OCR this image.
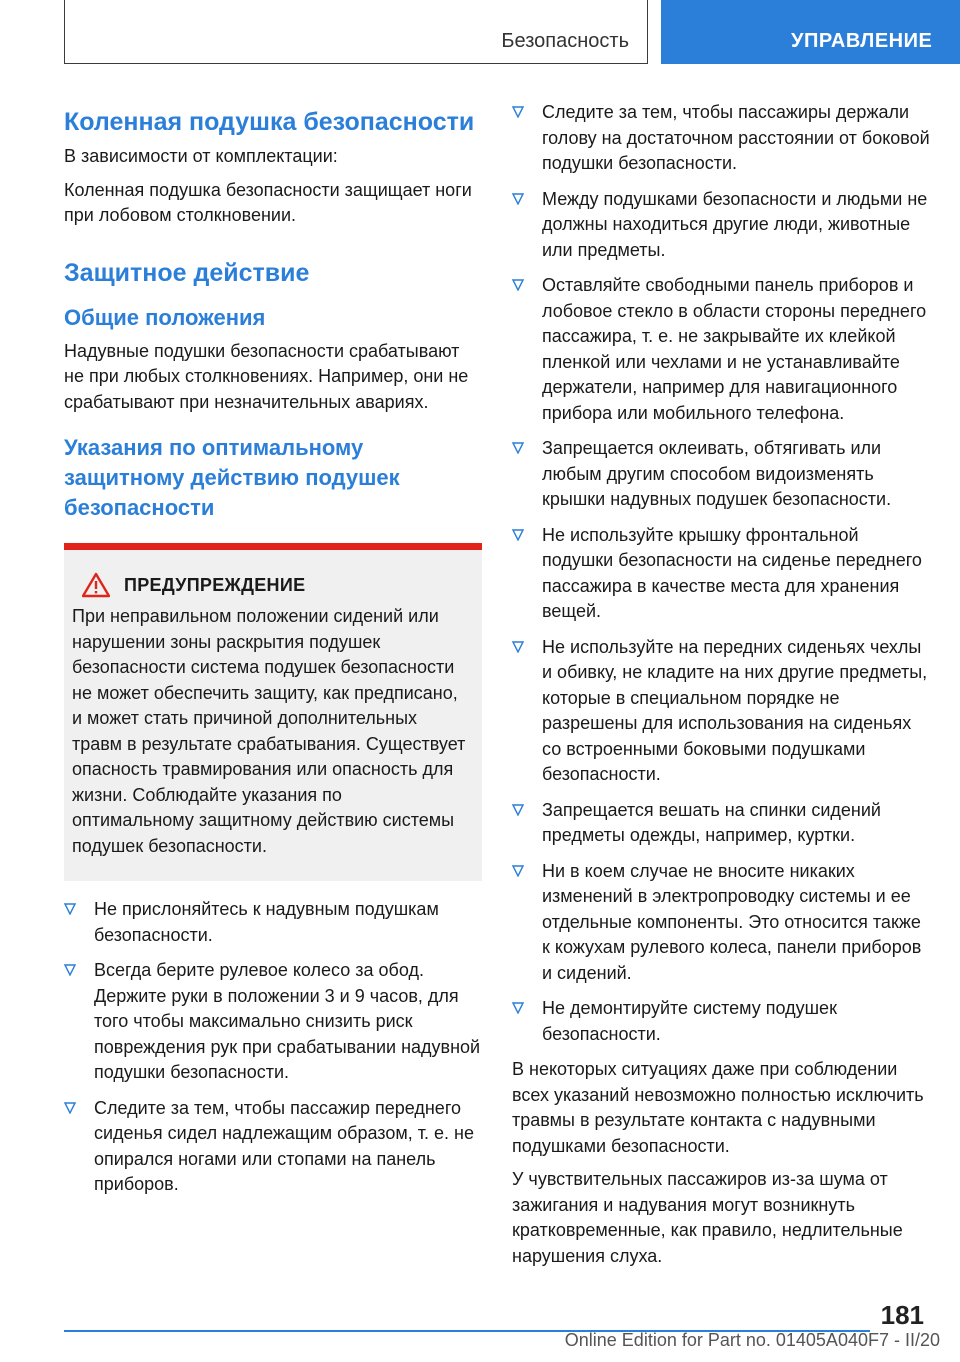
Безопасность	УПРАВЛЕНИЕ
Коленная подушка безопасности

В зависимости от комплектации:

Коленная подушка безопасности защищает ноги при лобовом столкновении.

Защитное действие
Общие положения

Надувные подушки безопасности срабатывают не при любых столкновениях. Например, они не срабатывают при незначительных авариях.

Указания по оптимальному защитному действию подушек безопасности
ПРЕДУПРЕЖДЕНИЕ
При неправильном положении сидений или нарушении зоны раскрытия подушек безопасности система подушек безопасности не может обеспечить защиту, как предписано, и может стать причиной дополнительных травм в результате срабатывания. Существует опасность травмирования или опасность для жизни. Соблюдайте указания по оптимальному защитному действию системы подушек безопасности.
Не прислоняйтесь к надувным подушкам безопасности.
Всегда берите рулевое колесо за обод. Держите руки в положении 3 и 9 часов, для того чтобы максимально снизить риск повреждения рук при срабатывании надувной подушки безопасности.
Следите за тем, чтобы пассажир переднего сиденья сидел надлежащим образом, т. е. не опирался ногами или стопами на панель приборов.
Следите за тем, чтобы пассажиры держали голову на достаточном расстоянии от боковой подушки безопасности.
Между подушками безопасности и людьми не должны находиться другие люди, животные или предметы.
Оставляйте свободными панель приборов и лобовое стекло в области стороны переднего пассажира, т. е. не закрывайте их клейкой пленкой или чехлами и не устанавливайте держатели, например для навигационного прибора или мобильного телефона.
Запрещается оклеивать, обтягивать или любым другим способом видоизменять крышки надувных подушек безопасности.
Не используйте крышку фронтальной подушки безопасности на сиденье переднего пассажира в качестве места для хранения вещей.
Не используйте на передних сиденьях чехлы и обивку, не кладите на них другие предметы, которые в специальном порядке не разрешены для использования на сиденьях со встроенными боковыми подушками безопасности.
Запрещается вешать на спинки сидений предметы одежды, например, куртки.
Ни в коем случае не вносите никаких изменений в электропроводку системы и ее отдельные компоненты. Это относится также к кожухам рулевого колеса, панели приборов и сидений.
Не демонтируйте систему подушек безопасности.

В некоторых ситуациях даже при соблюдении всех указаний невозможно полностью исключить травмы в результате контакта с надувными подушками безопасности.

У чувствительных пассажиров из-за шума от зажигания и надувания могут возникнуть кратковременные, как правило, недлительные нарушения слуха.

181
Online Edition for Part no. 01405A040F7 - II/20
